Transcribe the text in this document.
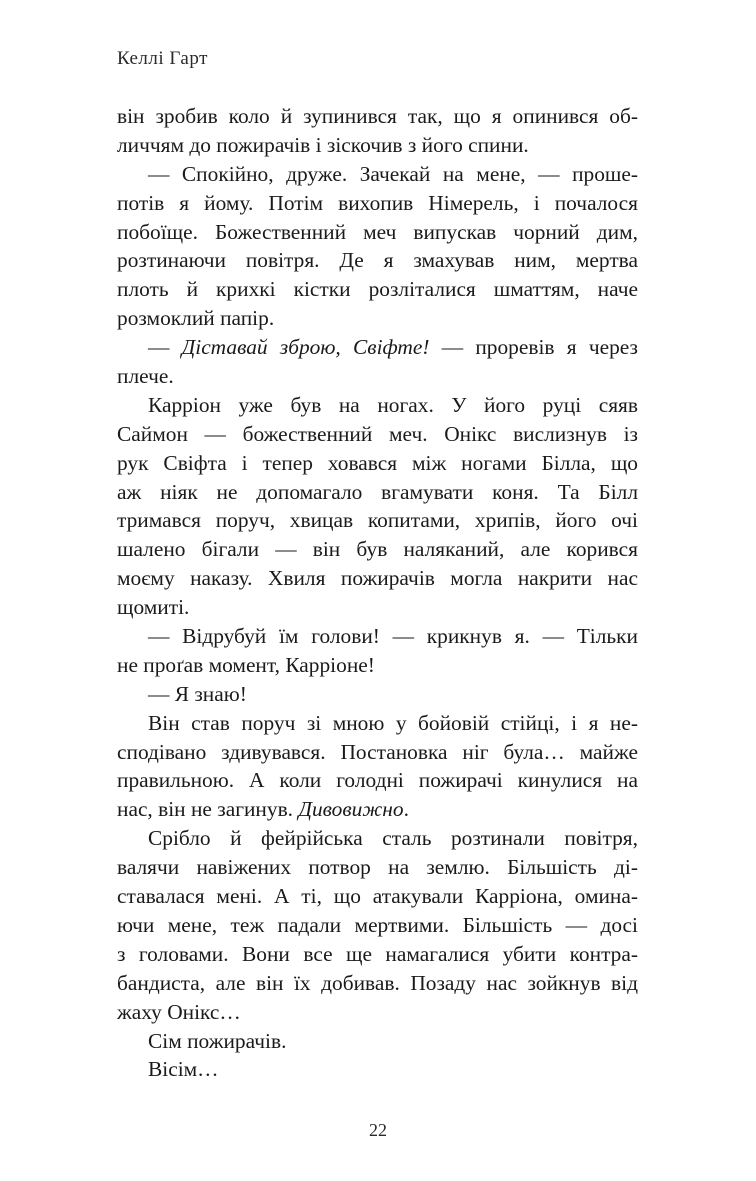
Келлі Гарт
він зробив коло й зупинився так, що я опинився об-
личчям до пожирачів і зіскочив з його спини.
— Спокійно, друже. Зачекай на мене, — проше-
потів я йому. Потім вихопив Німерель, і почалося
побоїще. Божественний меч випускав чорний дим,
розтинаючи повітря. Де я змахував ним, мертва
плоть й крихкі кістки розліталися шматтям, наче
розмоклий папір.
— Діставай зброю, Свіфте! — проревів я через
плече.
Карріон уже був на ногах. У його руці сяяв
Саймон — божественний меч. Онікс вислизнув із
рук Свіфта і тепер ховався між ногами Білла, що
аж ніяк не допомагало вгамувати коня. Та Білл
тримався поруч, хвицав копитами, хрипів, його очі
шалено бігали — він був наляканий, але корився
моєму наказу. Хвиля пожирачів могла накрити нас
щомиті.
— Відрубуй їм голови! — крикнув я. — Тільки
не проґав момент, Карріоне!
— Я знаю!
Він став поруч зі мною у бойовій стійці, і я не-
сподівано здивувався. Постановка ніг була… майже
правильною. А коли голодні пожирачі кинулися на
нас, він не загинув. Дивовижно.
Срібло й фейрійська сталь розтинали повітря,
валячи навіжених потвор на землю. Більшість ді-
ставалася мені. А ті, що атакували Карріона, омина-
ючи мене, теж падали мертвими. Більшість — досі
з головами. Вони все ще намагалися убити контра-
бандиста, але він їх добивав. Позаду нас зойкнув від
жаху Онікс…
Сім пожирачів.
Вісім…
22
